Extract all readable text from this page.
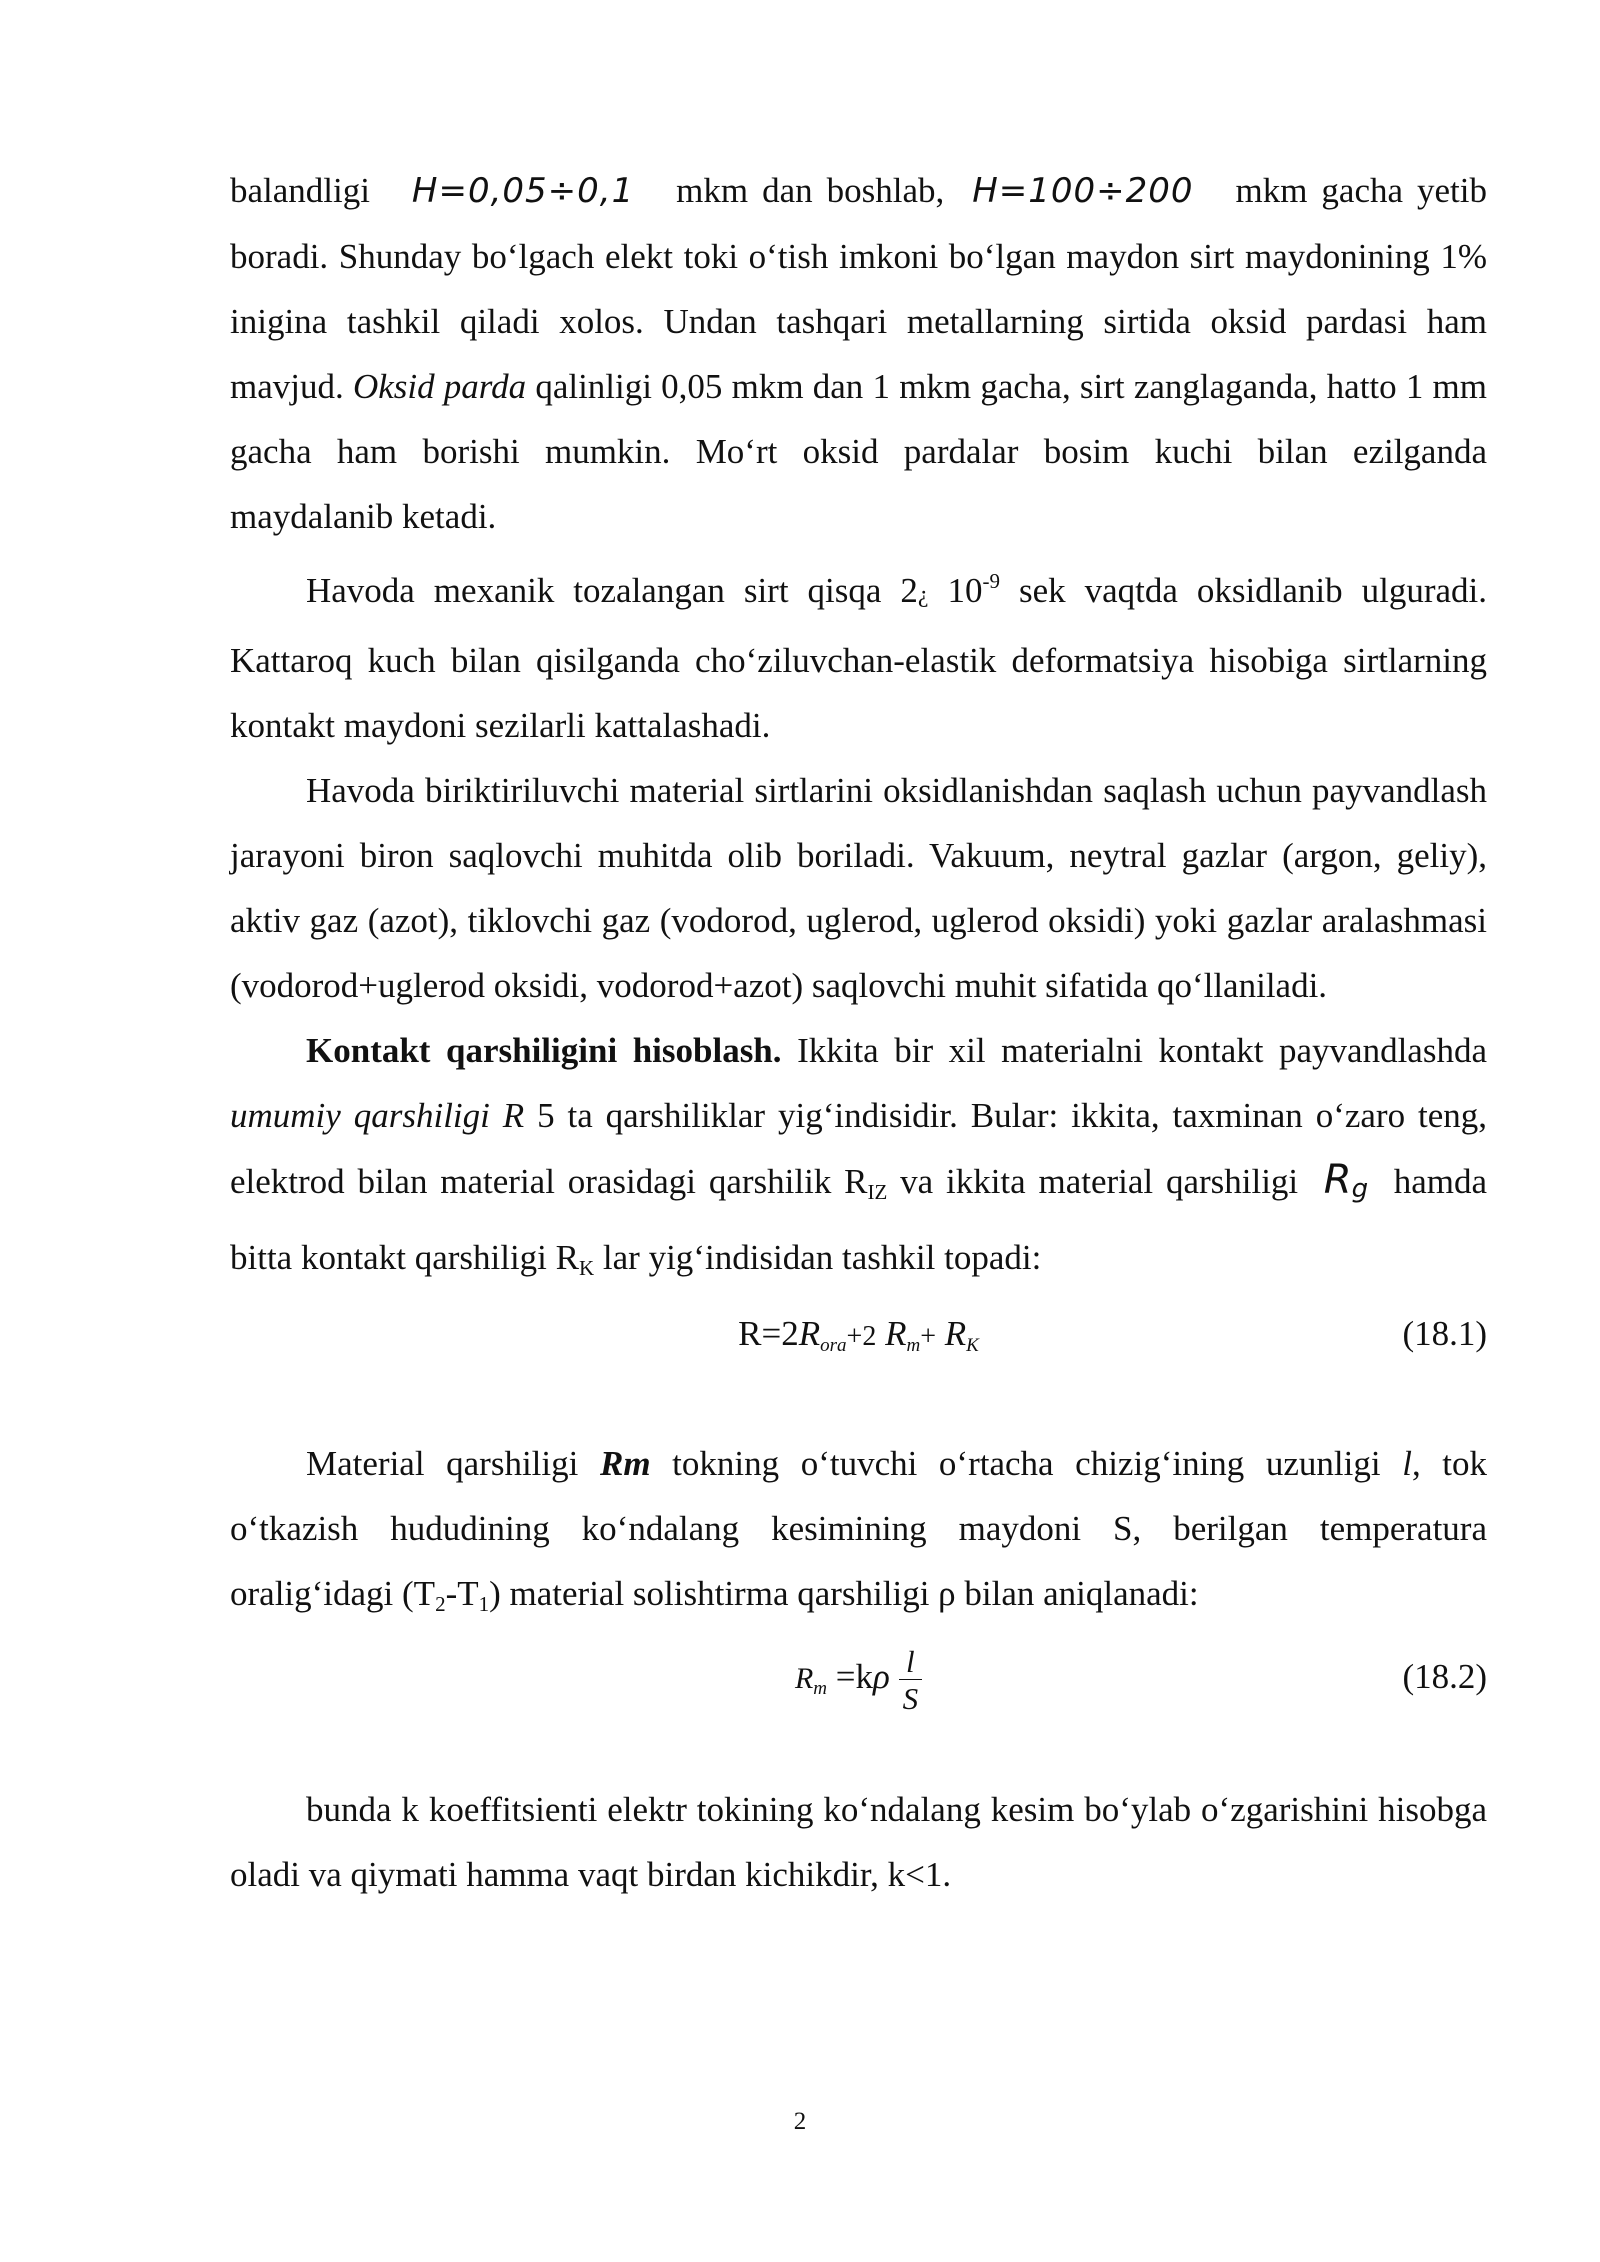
balandligi H=0,05÷0,1 mkm dan boshlab, H=100÷200 mkm gacha yetib boradi. Shunday bo‘lgach elekt toki o‘tish imkoni bo‘lgan maydon sirt maydonining 1% inigina tashkil qiladi xolos. Undan tashqari metallarning sirtida oksid pardasi ham mavjud. Oksid parda qalinligi 0,05 mkm dan 1 mkm gacha, sirt zanglaganda, hatto 1 mm gacha ham borishi mumkin. Mo‘rt oksid pardalar bosim kuchi bilan ezilganda maydalanib ketadi.

Havoda mexanik tozalangan sirt qisqa 2¿ $10^{-9}$ sek vaqtda oksidlanib ulguradi. Kattaroq kuch bilan qisilganda cho‘ziluvchan-elastik deformatsiya hisobiga sirtlarning kontakt maydoni sezilarli kattalashadi.

Havoda biriktiriluvchi material sirtlarini oksidlanishdan saqlash uchun payvandlash jarayoni biron saqlovchi muhitda olib boriladi. Vakuum, neytral gazlar (argon, geliy), aktiv gaz (azot), tiklovchi gaz (vodorod, uglerod, uglerod oksidi) yoki gazlar aralashmasi (vodorod+uglerod oksidi, vodorod+azot) saqlovchi muhit sifatida qo‘llaniladi.

Kontakt qarshiligini hisoblash. Ikkita bir xil materialni kontakt payvandlashda umumiy qarshiligi R 5 ta qarshiliklar yig‘indisidir. Bular: ikkita, taxminan o‘zaro teng, elektrod bilan material orasidagi qarshilik $R_{IZ}$ va ikkita material qarshiligi Rg hamda bitta kontakt qarshiligi $R_K$ lar yig‘indisidan tashkil topadi:

R=2Rora+2 Rm+ RK	(18.1)

Material qarshiligi Rm tokning o‘tuvchi o‘rtacha chizig‘ining uzunligi l, tok o‘tkazish hududining ko‘ndalang kesimining maydoni S, berilgan temperatura oralig‘idagi $(T_2-T_1)$ material solishtirma qarshiligi ρ bilan aniqlanadi:

$Rm =k\rho \frac{l}{S}$	(18.2)

bunda k koeffitsienti elektr tokining ko‘ndalang kesim bo‘ylab o‘zgarishini hisobga oladi va qiymati hamma vaqt birdan kichikdir, k<1.

2
